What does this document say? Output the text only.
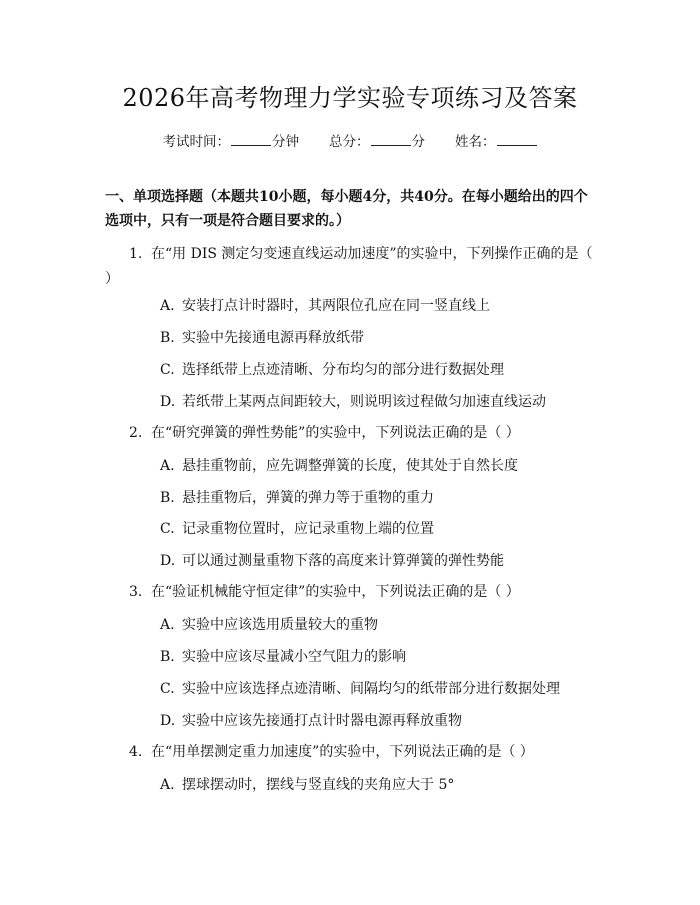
2026年高考物理力学实验专项练习及答案
考试时间：	分钟 总分：	分 姓名：
一、单项选择题（本题共10小题，每小题4分，共40分。在每小题给出的四个选项中，只有一项是符合题目要求的。）
1. 在“用 DIS 测定匀变速直线运动加速度”的实验中，下列操作正确的是（ ）
A. 安装打点计时器时，其两限位孔应在同一竖直线上
B. 实验中先接通电源再释放纸带
C. 选择纸带上点迹清晰、分布均匀的部分进行数据处理
D. 若纸带上某两点间距较大，则说明该过程做匀加速直线运动
2. 在“研究弹簧的弹性势能”的实验中，下列说法正确的是（ ）
A. 悬挂重物前，应先调整弹簧的长度，使其处于自然长度
B. 悬挂重物后，弹簧的弹力等于重物的重力
C. 记录重物位置时，应记录重物上端的位置
D. 可以通过测量重物下落的高度来计算弹簧的弹性势能
3. 在“验证机械能守恒定律”的实验中，下列说法正确的是（ ）
A. 实验中应该选用质量较大的重物
B. 实验中应该尽量减小空气阻力的影响
C. 实验中应该选择点迹清晰、间隔均匀的纸带部分进行数据处理
D. 实验中应该先接通打点计时器电源再释放重物
4. 在“用单摆测定重力加速度”的实验中，下列说法正确的是（ ）
A. 摆球摆动时，摆线与竖直线的夹角应大于 5°
